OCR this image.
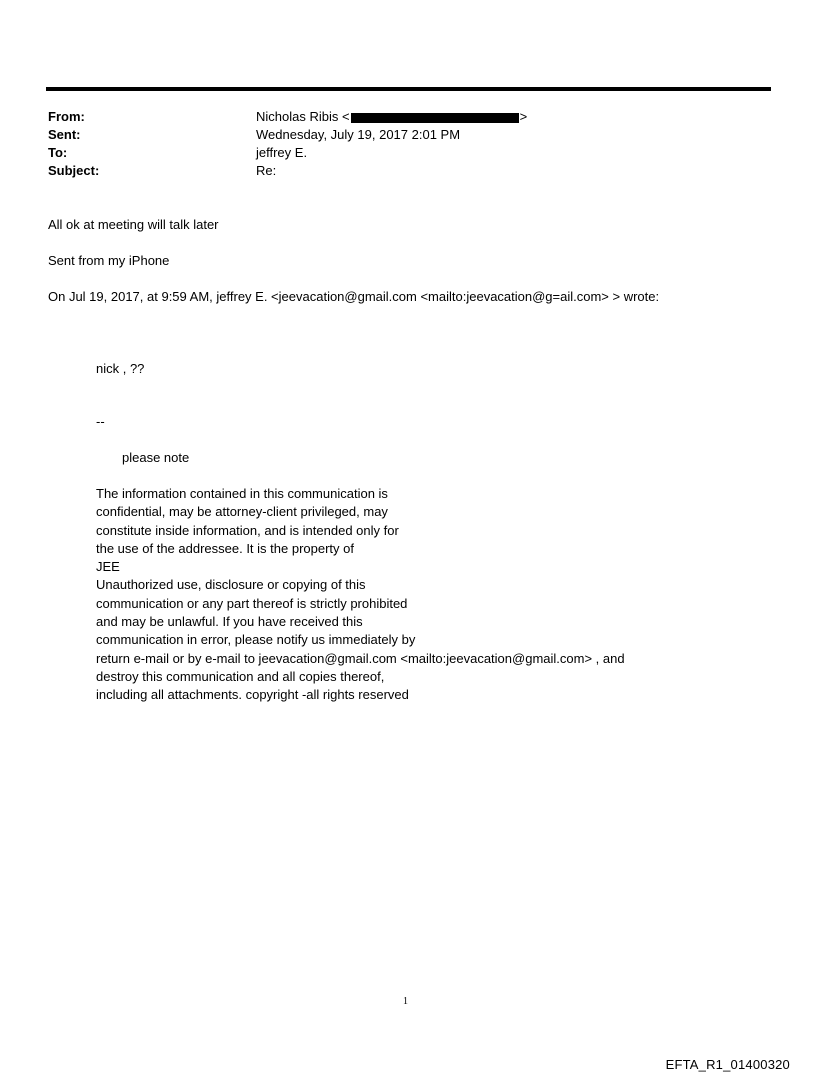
From:	Nicholas Ribis <	>
Sent:	Wednesday, July 19, 2017 2:01 PM
To:	jeffrey E.
Subject:	Re:
All ok at meeting will talk later
Sent from my iPhone
On Jul 19, 2017, at 9:59 AM, jeffrey E. <jeevacation@gmail.com <mailto:jeevacation@g=ail.com> > wrote:
nick , ??
--
please note
The information contained in this communication is
confidential, may be attorney-client privileged, may
constitute inside information, and is intended only for
the use of the addressee. It is the property of
JEE
Unauthorized use, disclosure or copying of this
communication or any part thereof is strictly prohibited
and may be unlawful. If you have received this
communication in error, please notify us immediately by
return e-mail or by e-mail to jeevacation@gmail.com <mailto:jeevacation@gmail.com> , and
destroy this communication and all copies thereof,
including all attachments. copyright -all rights reserved
1
EFTA_R1_01400320
